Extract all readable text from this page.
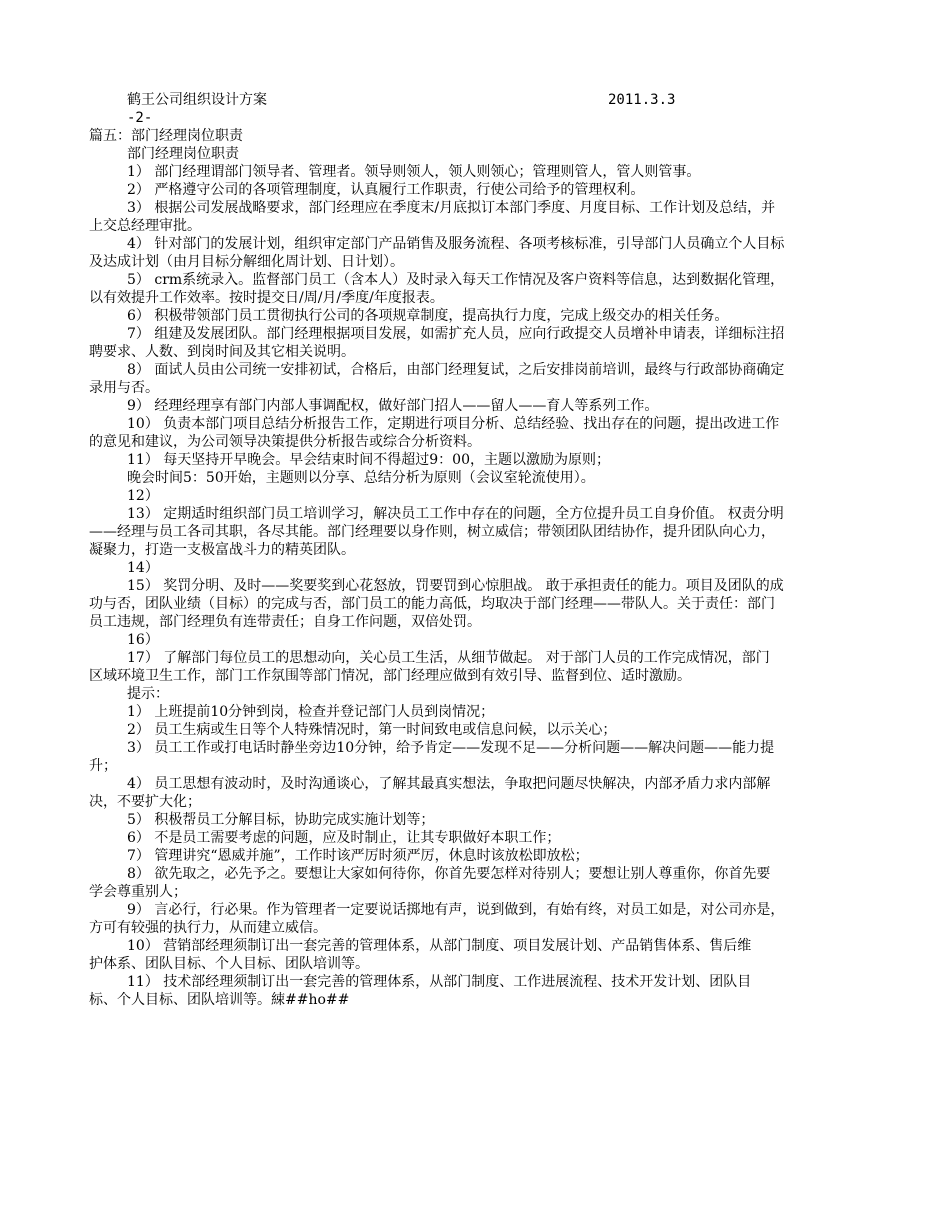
鹤王公司组织设计方案	2011.3.3
-2-
篇五：部门经理岗位职责
部门经理岗位职责
1） 部门经理谓部门领导者、管理者。领导则领人，领人则领心；管理则管人，管人则管事。
2） 严格遵守公司的各项管理制度，认真履行工作职责，行使公司给予的管理权利。
3） 根据公司发展战略要求，部门经理应在季度末/月底拟订本部门季度、月度目标、工作计划及总结，并
上交总经理审批。
4） 针对部门的发展计划，组织审定部门产品销售及服务流程、各项考核标准，引导部门人员确立个人目标
及达成计划（由月目标分解细化周计划、日计划）。
5） crm系统录入。监督部门员工（含本人）及时录入每天工作情况及客户资料等信息，达到数据化管理，
以有效提升工作效率。按时提交日/周/月/季度/年度报表。
6） 积极带领部门员工贯彻执行公司的各项规章制度，提高执行力度，完成上级交办的相关任务。
7） 组建及发展团队。部门经理根据项目发展，如需扩充人员，应向行政提交人员增补申请表，详细标注招
聘要求、人数、到岗时间及其它相关说明。
8） 面试人员由公司统一安排初试，合格后，由部门经理复试，之后安排岗前培训，最终与行政部协商确定
录用与否。
9） 经理经理享有部门内部人事调配权，做好部门招人——留人——育人等系列工作。
10） 负责本部门项目总结分析报告工作，定期进行项目分析、总结经验、找出存在的问题，提出改进工作
的意见和建议，为公司领导决策提供分析报告或综合分析资料。
11） 每天坚持开早晚会。早会结束时间不得超过9：00，主题以激励为原则；
晚会时间5：50开始，主题则以分享、总结分析为原则（会议室轮流使用）。
12）
13） 定期适时组织部门员工培训学习，解决员工工作中存在的问题，全方位提升员工自身价值。 权责分明
——经理与员工各司其职，各尽其能。部门经理要以身作则，树立威信；带领团队团结协作，提升团队向心力，
凝聚力，打造一支极富战斗力的精英团队。
14）
15） 奖罚分明、及时——奖要奖到心花怒放，罚要罚到心惊胆战。 敢于承担责任的能力。项目及团队的成
功与否，团队业绩（目标）的完成与否，部门员工的能力高低，均取决于部门经理——带队人。关于责任：部门
员工违规，部门经理负有连带责任；自身工作问题，双倍处罚。
16）
17） 了解部门每位员工的思想动向，关心员工生活，从细节做起。 对于部门人员的工作完成情况，部门
区域环境卫生工作，部门工作氛围等部门情况，部门经理应做到有效引导、监督到位、适时激励。
提示：
1） 上班提前10分钟到岗，检查并登记部门人员到岗情况；
2） 员工生病或生日等个人特殊情况时，第一时间致电或信息问候，以示关心；
3） 员工工作或打电话时静坐旁边10分钟，给予肯定——发现不足——分析问题——解决问题——能力提
升；
4） 员工思想有波动时，及时沟通谈心，了解其最真实想法，争取把问题尽快解决，内部矛盾力求内部解
决，不要扩大化；
5） 积极帮员工分解目标，协助完成实施计划等；
6） 不是员工需要考虑的问题，应及时制止，让其专职做好本职工作；
7） 管理讲究“恩威并施”，工作时该严厉时须严厉，休息时该放松即放松；
8） 欲先取之，必先予之。要想让大家如何待你，你首先要怎样对待别人；要想让别人尊重你，你首先要
学会尊重别人；
9） 言必行，行必果。作为管理者一定要说话掷地有声，说到做到，有始有终，对员工如是，对公司亦是，
方可有较强的执行力，从而建立威信。
10） 营销部经理须制订出一套完善的管理体系，从部门制度、项目发展计划、产品销售体系、售后维
护体系、团队目标、个人目标、团队培训等。
11） 技术部经理须制订出一套完善的管理体系，从部门制度、工作进展流程、技术开发计划、团队目
标、个人目标、团队培训等。綀##ho##
